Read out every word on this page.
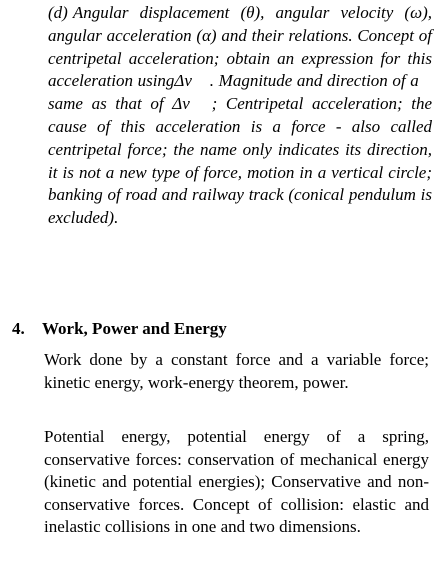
(d) Angular displacement (θ), angular velocity (ω), angular acceleration (α) and their relations. Concept of centripetal acceleration; obtain an expression for this acceleration usingΔv⃗ . Magnitude and direction of a⃗ same as that of Δv⃗ ; Centripetal acceleration; the cause of this acceleration is a force - also called centripetal force; the name only indicates its direction, it is not a new type of force, motion in a vertical circle; banking of road and railway track (conical pendulum is excluded).
4. Work, Power and Energy
Work done by a constant force and a variable force; kinetic energy, work-energy theorem, power.
Potential energy, potential energy of a spring, conservative forces: conservation of mechanical energy (kinetic and potential energies); Conservative and non-conservative forces. Concept of collision: elastic and inelastic collisions in one and two dimensions.
